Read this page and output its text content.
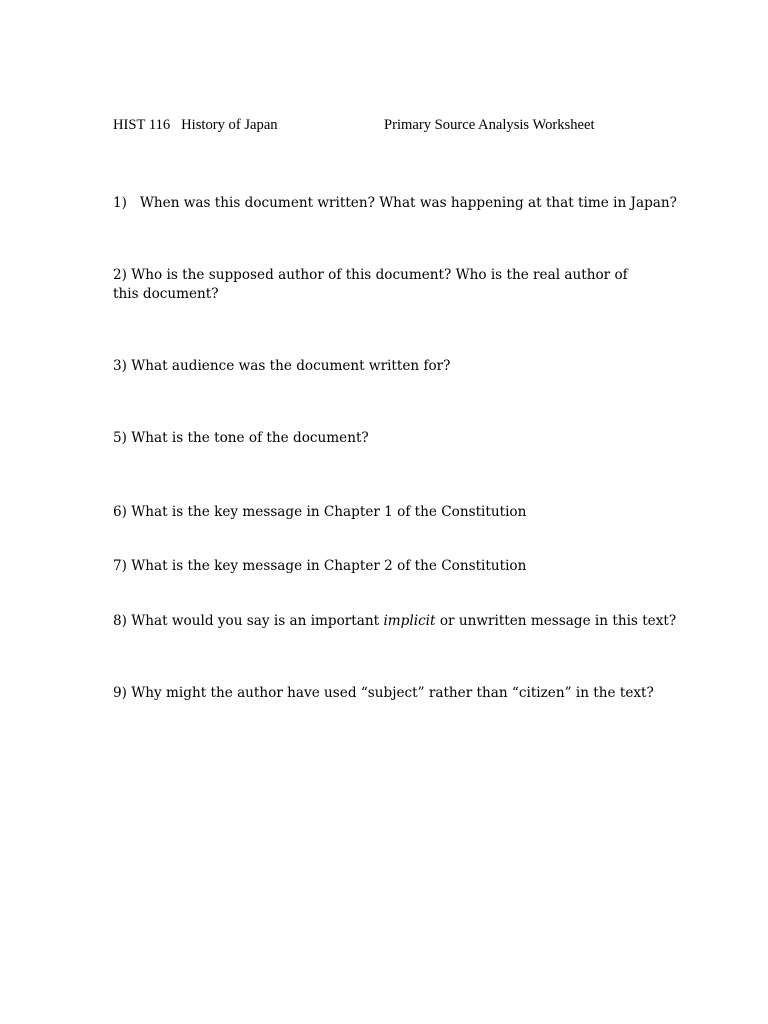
HIST 116 History of Japan	Primary Source Analysis Worksheet
1) When was this document written? What was happening at that time in Japan?
2) Who is the supposed author of this document? Who is the real author of this document?
3) What audience was the document written for?
5) What is the tone of the document?
6) What is the key message in Chapter 1 of the Constitution
7) What is the key message in Chapter 2 of the Constitution
8) What would you say is an important implicit or unwritten message in this text?
9) Why might the author have used “subject” rather than “citizen” in the text?
